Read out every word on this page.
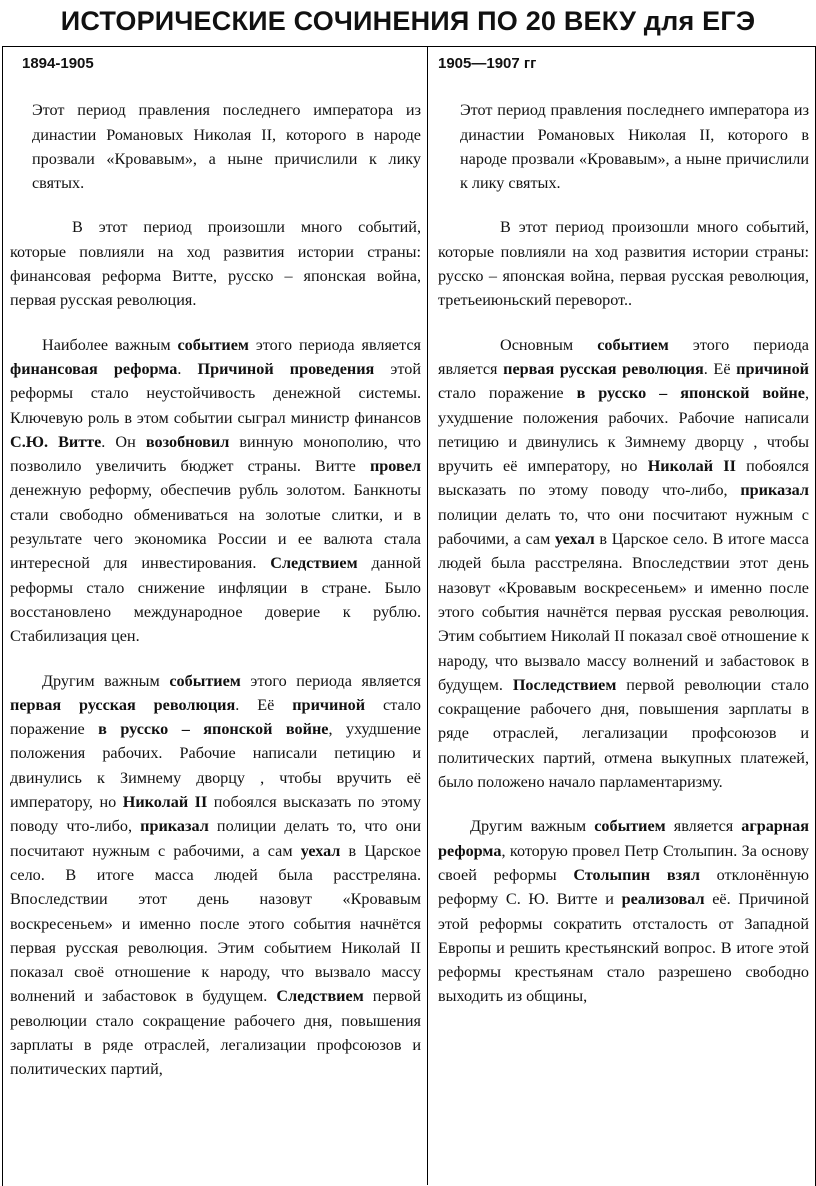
ИСТОРИЧЕСКИЕ СОЧИНЕНИЯ ПО 20 ВЕКУ для ЕГЭ
1894-1905

Этот период правления последнего императора из династии Романовых Николая II, которого в народе прозвали «Кровавым», а ныне причислили к лику святых.

В этот период произошли много событий, которые повлияли на ход развития истории страны: финансовая реформа Витте, русско – японская война, первая русская революция.

Наиболее важным событием этого периода является финансовая реформа. Причиной проведения этой реформы стало неустойчивость денежной системы. Ключевую роль в этом событии сыграл министр финансов С.Ю. Витте. Он возобновил винную монополию, что позволило увеличить бюджет страны. Витте провел денежную реформу, обеспечив рубль золотом. Банкноты стали свободно обмениваться на золотые слитки, и в результате чего экономика России и ее валюта стала интересной для инвестирования. Следствием данной реформы стало снижение инфляции в стране. Было восстановлено международное доверие к рублю. Стабилизация цен.

Другим важным событием этого периода является первая русская революция. Её причиной стало поражение в русско – японской войне, ухудшение положения рабочих. Рабочие написали петицию и двинулись к Зимнему дворцу , чтобы вручить её императору, но Николай II побоялся высказать по этому поводу что-либо, приказал полиции делать то, что они посчитают нужным с рабочими, а сам уехал в Царское село. В итоге масса людей была расстреляна. Впоследствии этот день назовут «Кровавым воскресеньем» и именно после этого события начнётся первая русская революция. Этим событием Николай II показал своё отношение к народу, что вызвало массу волнений и забастовок в будущем. Следствием первой революции стало сокращение рабочего дня, повышения зарплаты в ряде отраслей, легализации профсоюзов и политических партий,

1905—1907 гг

Этот период правления последнего императора из династии Романовых Николая II, которого в народе прозвали «Кровавым», а ныне причислили к лику святых.

В этот период произошли много событий, которые повлияли на ход развития истории страны: русско – японская война, первая русская революция, третьеиюньский переворот..

Основным событием этого периода является первая русская революция. Её причиной стало поражение в русско – японской войне, ухудшение положения рабочих. Рабочие написали петицию и двинулись к Зимнему дворцу , чтобы вручить её императору, но Николай II побоялся высказать по этому поводу что-либо, приказал полиции делать то, что они посчитают нужным с рабочими, а сам уехал в Царское село. В итоге масса людей была расстреляна. Впоследствии этот день назовут «Кровавым воскресеньем» и именно после этого события начнётся первая русская революция. Этим событием Николай II показал своё отношение к народу, что вызвало массу волнений и забастовок в будущем. Последствием первой революции стало сокращение рабочего дня, повышения зарплаты в ряде отраслей, легализации профсоюзов и политических партий, отмена выкупных платежей, было положено начало парламентаризму.

Другим важным событием является аграрная реформа, которую провел Петр Столыпин. За основу своей реформы Столыпин взял отклонённую реформу С. Ю. Витте и реализовал её. Причиной этой реформы сократить отсталость от Западной Европы и решить крестьянский вопрос. В итоге этой реформы крестьянам стало разрешено свободно выходить из общины,
